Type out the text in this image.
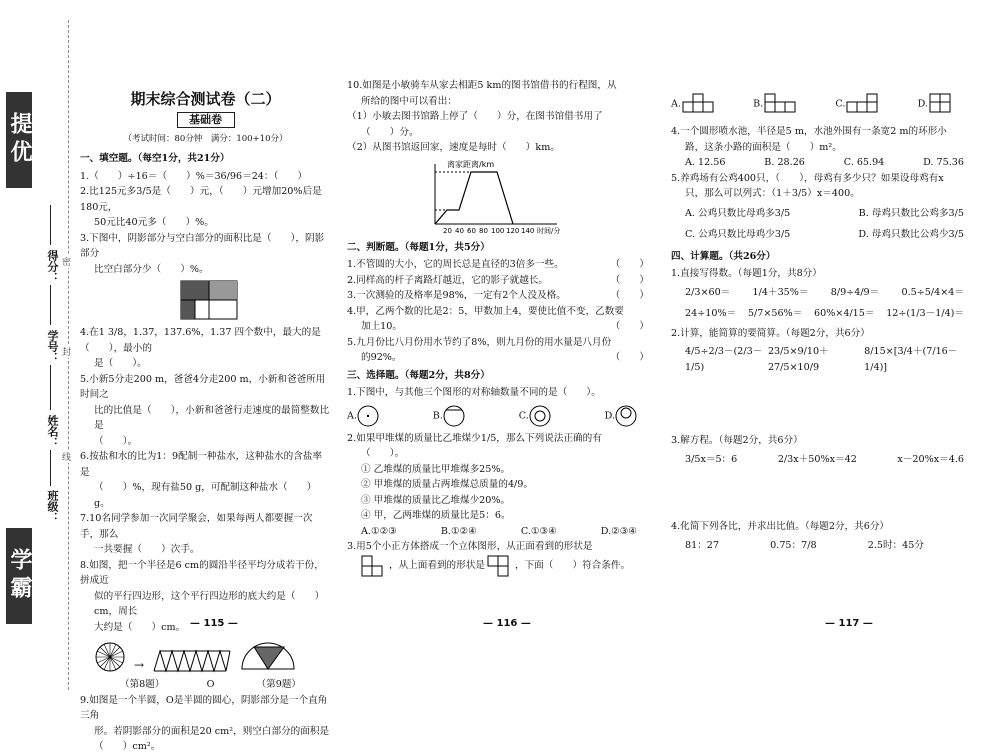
提优
学霸
得分：
学号：
姓名：
班级：
密
封
线
期末综合测试卷（二）
基础卷
（考试时间：80分钟　满分：100+10分）
一、填空题。（每空1分，共21分）
1.（　　）÷16＝（　　）%＝36/96＝24：（　　）
2.比125元多3/5是（　　）元，（　　）元增加20%后是180元，
50元比40元多（　　）%。
3.下图中，阴影部分与空白部分的面积比是（　　），阴影部分
比空白部分少（　　）%。
4.在1 3/8，1.37，137.6%，1.37 四个数中，最大的是（　　），最小的
是（　　）。
5.小新5分走200 m，爸爸4分走200 m，小新和爸爸所用时间之
比的比值是（　　），小新和爸爸行走速度的最简整数比是
（　　）。
6.按盐和水的比为1：9配制一种盐水，这种盐水的含盐率是
（　　）%，现有盐50 g，可配制这种盐水（　　）g。
7.10名同学参加一次同学聚会，如果每两人都要握一次手，那么
一共要握（　　）次手。
8.如图，把一个半径是6 cm的圆沿半径平均分成若干份，拼成近
似的平行四边形，这个平行四边形的底大约是（　　）cm，周长
大约是（　　）cm。
→
（第8题）	O	（第9题）
9.如图是一个半圆，O是半圆的圆心，阴影部分是一个直角三角
形。若阴影部分的面积是20 cm²，则空白部分的面积是
（　　）cm²。
— 115 —
10.如图是小敏骑车从家去相距5 km的图书馆借书的行程图，从
所给的图中可以看出：
（1）小敏去图书馆路上停了（　　）分，在图书馆借书用了
（　　）分。
（2）从图书馆返回家，速度是每时（　　）km。
离家距离/km
20 40 60 80 100 120 140 时间/分
二、判断题。（每题1分，共5分）
1.不管圆的大小，它的周长总是直径的3倍多一些。	（　　）
2.同样高的杆子离路灯越近，它的影子就越长。	（　　）
3.一次测验的及格率是98%，一定有2个人没及格。	（　　）
4.甲，乙两个数的比是2：5，甲数加上4，要使比值不变，乙数要
加上10。	（　　）
5.九月份比八月份用水节约了8%，则九月份的用水量是八月份
的92%。	（　　）
三、选择题。（每题2分，共8分）
1.下图中，与其他三个图形的对称轴数量不同的是（　　）。
A.	B.	C.	D.
2.如果甲堆煤的质量比乙堆煤少1/5，那么下列说法正确的有
（　　）。
① 乙堆煤的质量比甲堆煤多25%。
② 甲堆煤的质量占两堆煤总质量的4/9。
③ 甲堆煤的质量比乙堆煤少20%。
④ 甲，乙两堆煤的质量比是5：6。
A.①②③	B.①②④	C.①③④	D.②③④
3.用5个小正方体搭成一个立体图形，从正面看到的形状是
，从上面看到的形状是	，下面（　　）符合条件。
— 116 —
A.	B.	C.	D.
4.一个圆形喷水池，半径是5 m，水池外围有一条宽2 m的环形小
路，这条小路的面积是（　　）m²。
A. 12.56	B. 28.26	C. 65.94	D. 75.36
5.养鸡场有公鸡400只，（　　），母鸡有多少只？如果设母鸡有x
只，那么可以列式：（1＋3/5）x＝400。
A. 公鸡只数比母鸡多3/5	B. 母鸡只数比公鸡多3/5
C. 公鸡只数比母鸡少3/5	D. 母鸡只数比公鸡少3/5
四、计算题。（共26分）
1.直接写得数。（每题1分，共8分）
2/3×60＝ 1/4＋35%＝ 8/9÷4/9＝ 0.5÷5/4×4＝
24÷10%＝ 5/7×56%＝ 60%×4/15＝ 12÷(1/3－1/4)＝
2.计算，能简算的要简算。（每题2分，共6分）
4/5÷2/3－(2/3－1/5)
23/5×9/10＋27/5×10/9
8/15×[3/4＋(7/16－1/4)]
3.解方程。（每题2分，共6分）
3/5x＝5：6	2/3x＋50%x＝42	x－20%x＝4.6
4.化简下列各比，并求出比值。（每题2分，共6分）
81：27	0.75：7/8	2.5时：45分
— 117 —
